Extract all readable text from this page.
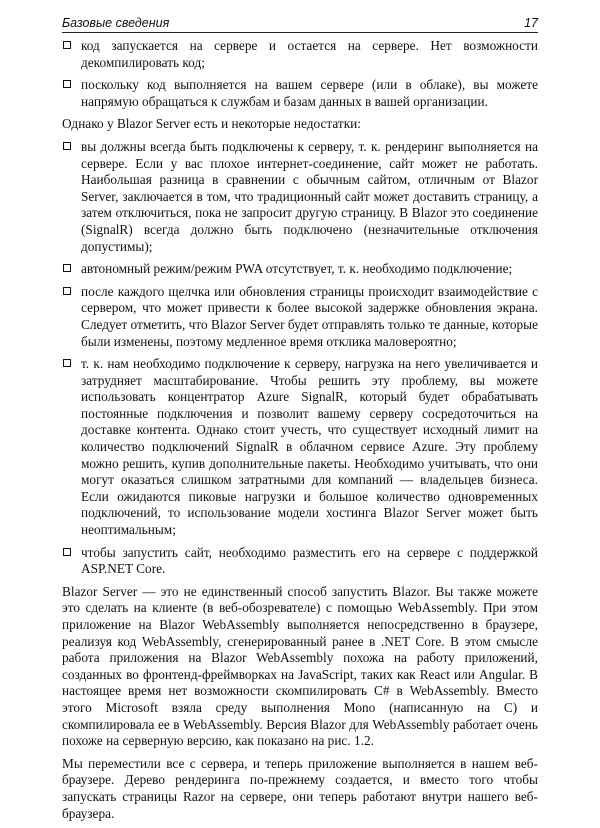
Базовые сведения	17
код запускается на сервере и остается на сервере. Нет возможности декомпилировать код;
поскольку код выполняется на вашем сервере (или в облаке), вы можете напрямую обращаться к службам и базам данных в вашей организации.

Однако у Blazor Server есть и некоторые недостатки:

вы должны всегда быть подключены к серверу, т. к. рендеринг выполняется на сервере. Если у вас плохое интернет-соединение, сайт может не работать. Наибольшая разница в сравнении с обычным сайтом, отличным от Blazor Server, заключается в том, что традиционный сайт может доставить страницу, а затем отключиться, пока не запросит другую страницу. В Blazor это соединение (SignalR) всегда должно быть подключено (незначительные отключения допустимы);
автономный режим/режим PWA отсутствует, т. к. необходимо подключение;
после каждого щелчка или обновления страницы происходит взаимодействие с сервером, что может привести к более высокой задержке обновления экрана. Следует отметить, что Blazor Server будет отправлять только те данные, которые были изменены, поэтому медленное время отклика маловероятно;
т. к. нам необходимо подключение к серверу, нагрузка на него увеличивается и затрудняет масштабирование. Чтобы решить эту проблему, вы можете использовать концентратор Azure SignalR, который будет обрабатывать постоянные подключения и позволит вашему серверу сосредоточиться на доставке контента. Однако стоит учесть, что существует исходный лимит на количество подключений SignalR в облачном сервисе Azure. Эту проблему можно решить, купив дополнительные пакеты. Необходимо учитывать, что они могут оказаться слишком затратными для компаний — владельцев бизнеса. Если ожидаются пиковые нагрузки и большое количество одновременных подключений, то использование модели хостинга Blazor Server может быть неоптимальным;
чтобы запустить сайт, необходимо разместить его на сервере с поддержкой ASP.NET Core.

Blazor Server — это не единственный способ запустить Blazor. Вы также можете это сделать на клиенте (в веб-обозревателе) с помощью WebAssembly. При этом приложение на Blazor WebAssembly выполняется непосредственно в браузере, реализуя код WebAssembly, сгенерированный ранее в .NET Core. В этом смысле работа приложения на Blazor WebAssembly похожа на работу приложений, созданных во фронтенд-фреймворках на JavaScript, таких как React или Angular. В настоящее время нет возможности скомпилировать C# в WebAssembly. Вместо этого Microsoft взяла среду выполнения Mono (написанную на C) и скомпилировала ее в WebAssembly. Версия Blazor для WebAssembly работает очень похоже на серверную версию, как показано на рис. 1.2.

Мы переместили все с сервера, и теперь приложение выполняется в нашем веб-браузере. Дерево рендеринга по-прежнему создается, и вместо того чтобы запускать страницы Razor на сервере, они теперь работают внутри нашего веб-браузера.
